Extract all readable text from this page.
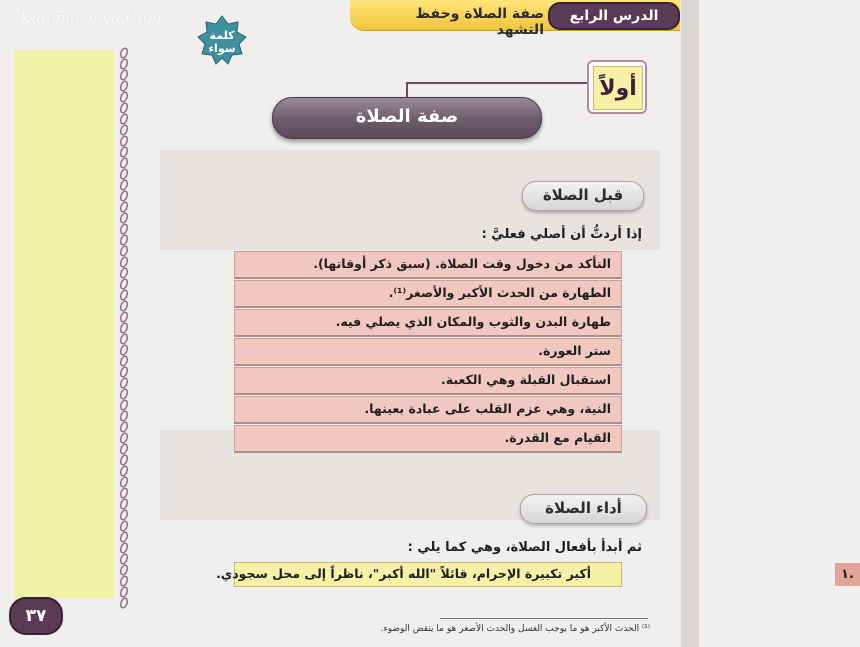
Kalemasawa.Com	صفة الصلاة وحفظ التشهد
الدرس الرابع
كلمة سواء
أولاً
صفة الصلاة
قبل الصلاة
إذا أردتُّ أن أصلي فعليَّ :
التأكد من دخول وقت الصلاة. (سبق ذكر أوقاتها).
الطهارة من الحدث الأكبر والأصغر⁽¹⁾.
طهارة البدن والثوب والمكان الذي يصلي فيه.
ستر العورة.
استقبال القبلة وهي الكعبة.
النية، وهي عزم القلب على عبادة بعينها.
القيام مع القدرة.
أداء الصلاة
ثم أبدأ بأفعال الصلاة، وهي كما يلي :
١.
أكبر تكبيرة الإحرام، قائلاً "الله أكبر"، ناظراً إلى محل سجودي.
⁽¹⁾ الحدث الأكبر هو ما يوجب الغسل والحدث الأصغر هو ما ينقض الوضوء.
٣٧
